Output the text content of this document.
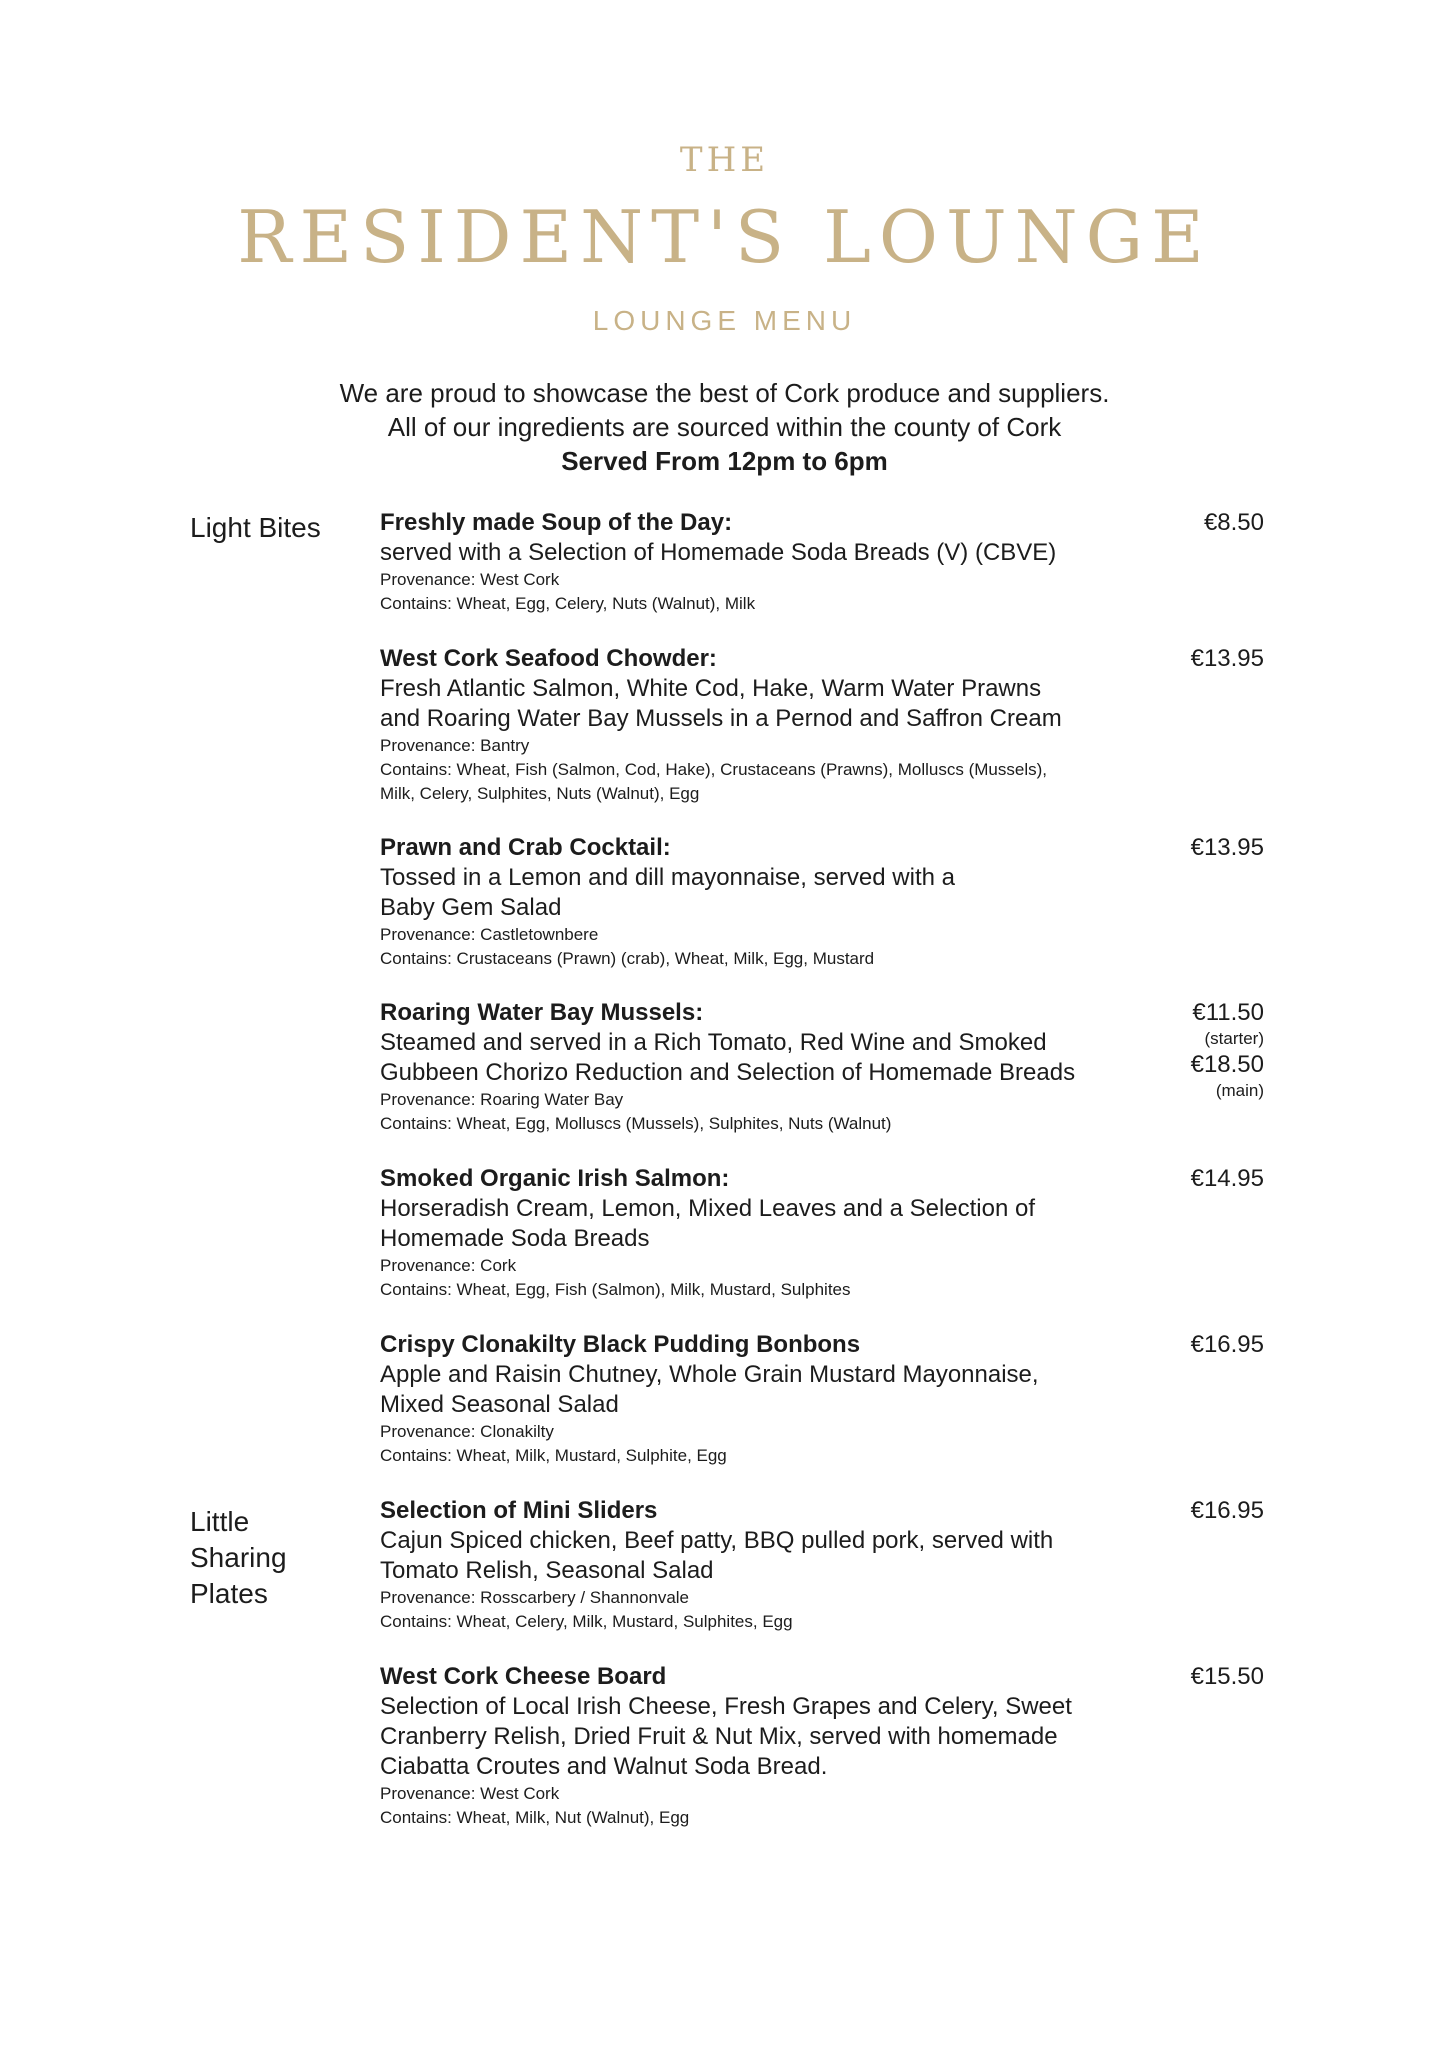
THE
RESIDENT'S LOUNGE
LOUNGE MENU
We are proud to showcase the best of Cork produce and suppliers.
All of our ingredients are sourced within the county of Cork
Served From 12pm to 6pm
Light Bites
Little
Sharing
Plates
Freshly made Soup of the Day:
served with a Selection of Homemade Soda Breads (V) (CBVE)
Provenance: West Cork
Contains: Wheat, Egg, Celery, Nuts (Walnut), Milk
€8.50
West Cork Seafood Chowder:
Fresh Atlantic Salmon, White Cod, Hake, Warm Water Prawns
and Roaring Water Bay Mussels in a Pernod and Saffron Cream
Provenance: Bantry
Contains: Wheat, Fish (Salmon, Cod, Hake), Crustaceans (Prawns), Molluscs (Mussels),
Milk, Celery, Sulphites, Nuts (Walnut), Egg
€13.95
Prawn and Crab Cocktail:
Tossed in a Lemon and dill mayonnaise, served with a
Baby Gem Salad
Provenance: Castletownbere
Contains: Crustaceans (Prawn) (crab), Wheat, Milk, Egg, Mustard
€13.95
Roaring Water Bay Mussels:
Steamed and served in a Rich Tomato, Red Wine and Smoked
Gubbeen Chorizo Reduction and Selection of Homemade Breads
Provenance: Roaring Water Bay
Contains: Wheat, Egg, Molluscs (Mussels), Sulphites, Nuts (Walnut)
€11.50
(starter)
€18.50
(main)
Smoked Organic Irish Salmon:
Horseradish Cream, Lemon, Mixed Leaves and a Selection of
Homemade Soda Breads
Provenance: Cork
Contains: Wheat, Egg, Fish (Salmon), Milk, Mustard, Sulphites
€14.95
Crispy Clonakilty Black Pudding Bonbons
Apple and Raisin Chutney, Whole Grain Mustard Mayonnaise,
Mixed Seasonal Salad
Provenance: Clonakilty
Contains: Wheat, Milk, Mustard, Sulphite, Egg
€16.95
Selection of Mini Sliders
Cajun Spiced chicken, Beef patty, BBQ pulled pork, served with
Tomato Relish, Seasonal Salad
Provenance: Rosscarbery / Shannonvale
Contains: Wheat, Celery, Milk, Mustard, Sulphites, Egg
€16.95
West Cork Cheese Board
Selection of Local Irish Cheese, Fresh Grapes and Celery, Sweet
Cranberry Relish, Dried Fruit & Nut Mix, served with homemade
Ciabatta Croutes and Walnut Soda Bread.
Provenance: West Cork
Contains: Wheat, Milk, Nut (Walnut), Egg
€15.50
